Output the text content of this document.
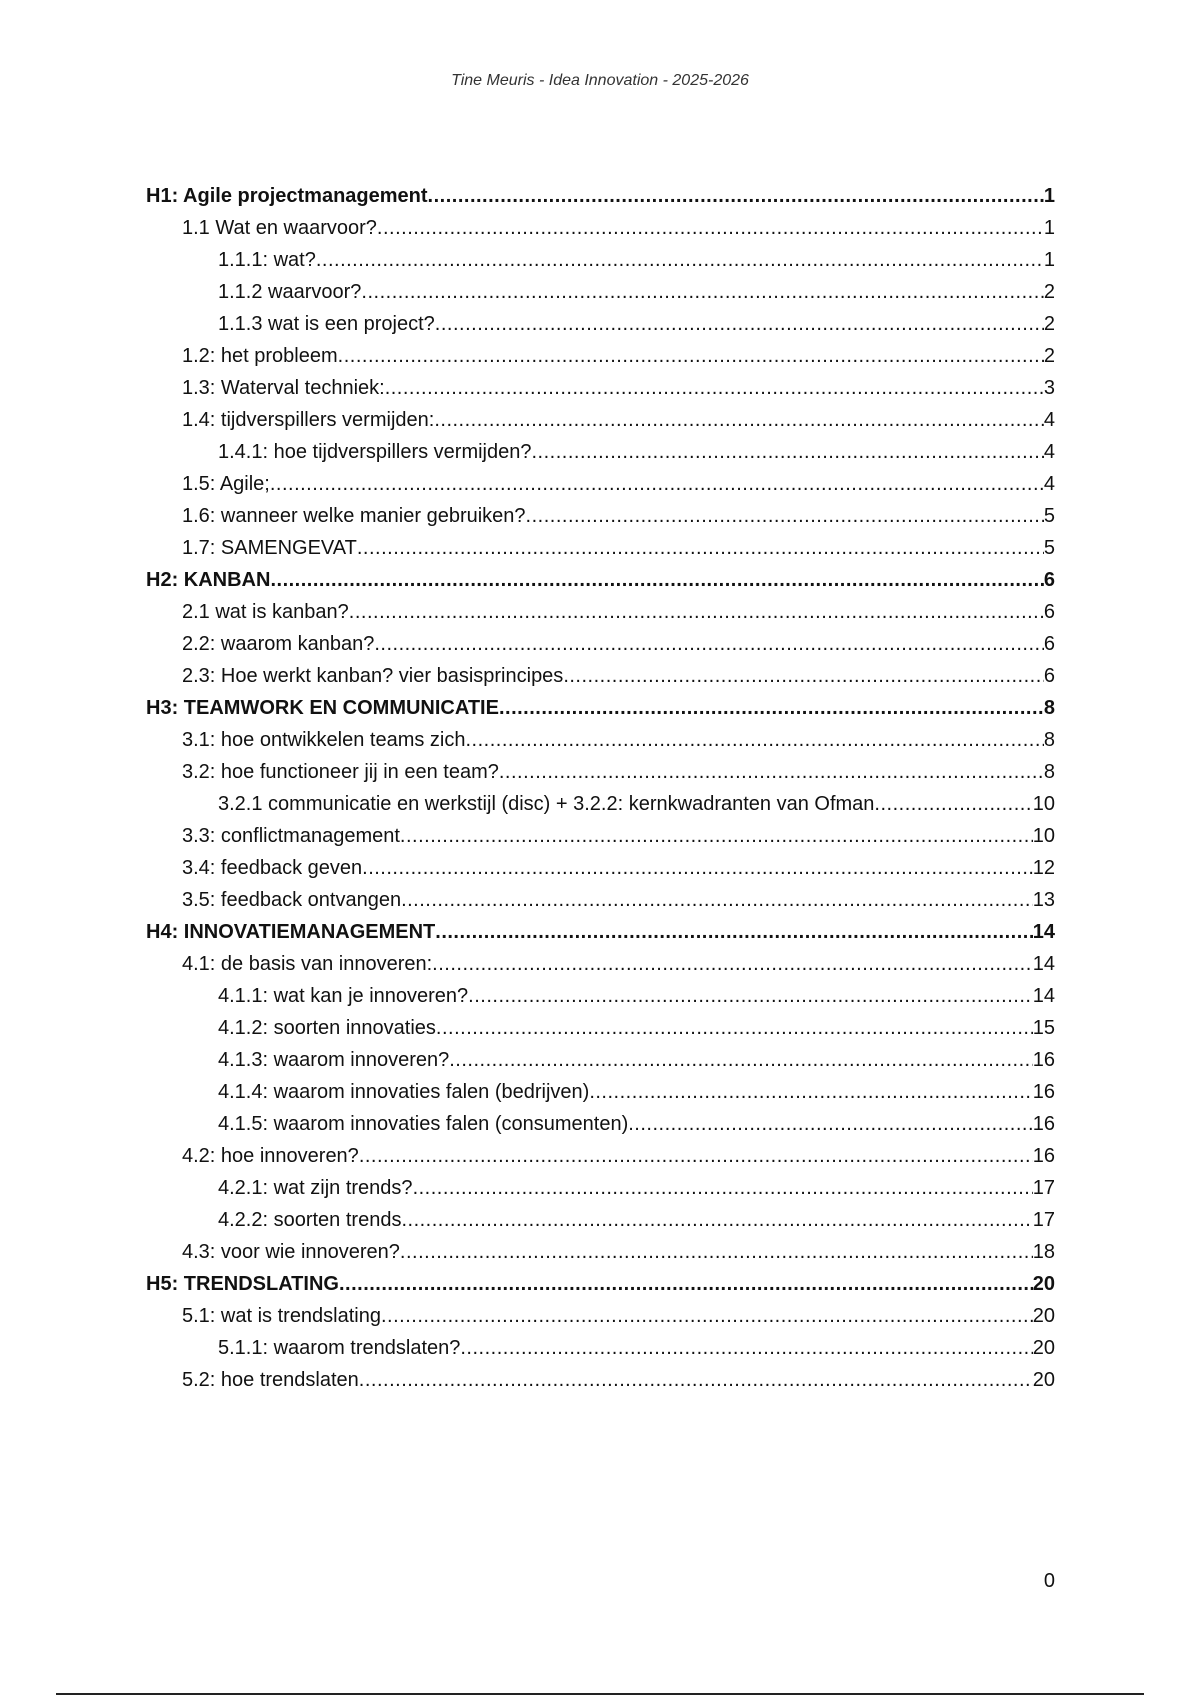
Tine Meuris - Idea Innovation - 2025-2026
H1: Agile projectmanagement .....	1
1.1 Wat en waarvoor? .....	1
1.1.1: wat? .....	1
1.1.2 waarvoor? .....	2
1.1.3 wat is een project? .....	2
1.2: het probleem .....	2
1.3: Waterval techniek: .....	3
1.4: tijdverspillers vermijden: .....	4
1.4.1: hoe tijdverspillers vermijden? .....	4
1.5: Agile; .....	4
1.6: wanneer welke manier gebruiken? .....	5
1.7: SAMENGEVAT .....	5
H2: KANBAN .....	6
2.1 wat is kanban? .....	6
2.2: waarom kanban? .....	6
2.3: Hoe werkt kanban? vier basisprincipes .....	6
H3: TEAMWORK EN COMMUNICATIE .....	8
3.1: hoe ontwikkelen teams zich .....	8
3.2: hoe functioneer jij in een team? .....	8
3.2.1 communicatie en werkstijl (disc) + 3.2.2: kernkwadranten van Ofman .....	10
3.3: conflictmanagement .....	10
3.4: feedback geven .....	12
3.5: feedback ontvangen .....	13
H4: INNOVATIEMANAGEMENT .....	14
4.1: de basis van innoveren: .....	14
4.1.1: wat kan je innoveren? .....	14
4.1.2: soorten innovaties .....	15
4.1.3: waarom innoveren? .....	16
4.1.4: waarom innovaties falen (bedrijven) .....	16
4.1.5: waarom innovaties falen (consumenten) .....	16
4.2: hoe innoveren? .....	16
4.2.1: wat zijn trends? .....	17
4.2.2: soorten trends .....	17
4.3: voor wie innoveren? .....	18
H5: TRENDSLATING .....	20
5.1: wat is trendslating .....	20
5.1.1: waarom trendslaten? .....	20
5.2: hoe trendslaten .....	20
0
